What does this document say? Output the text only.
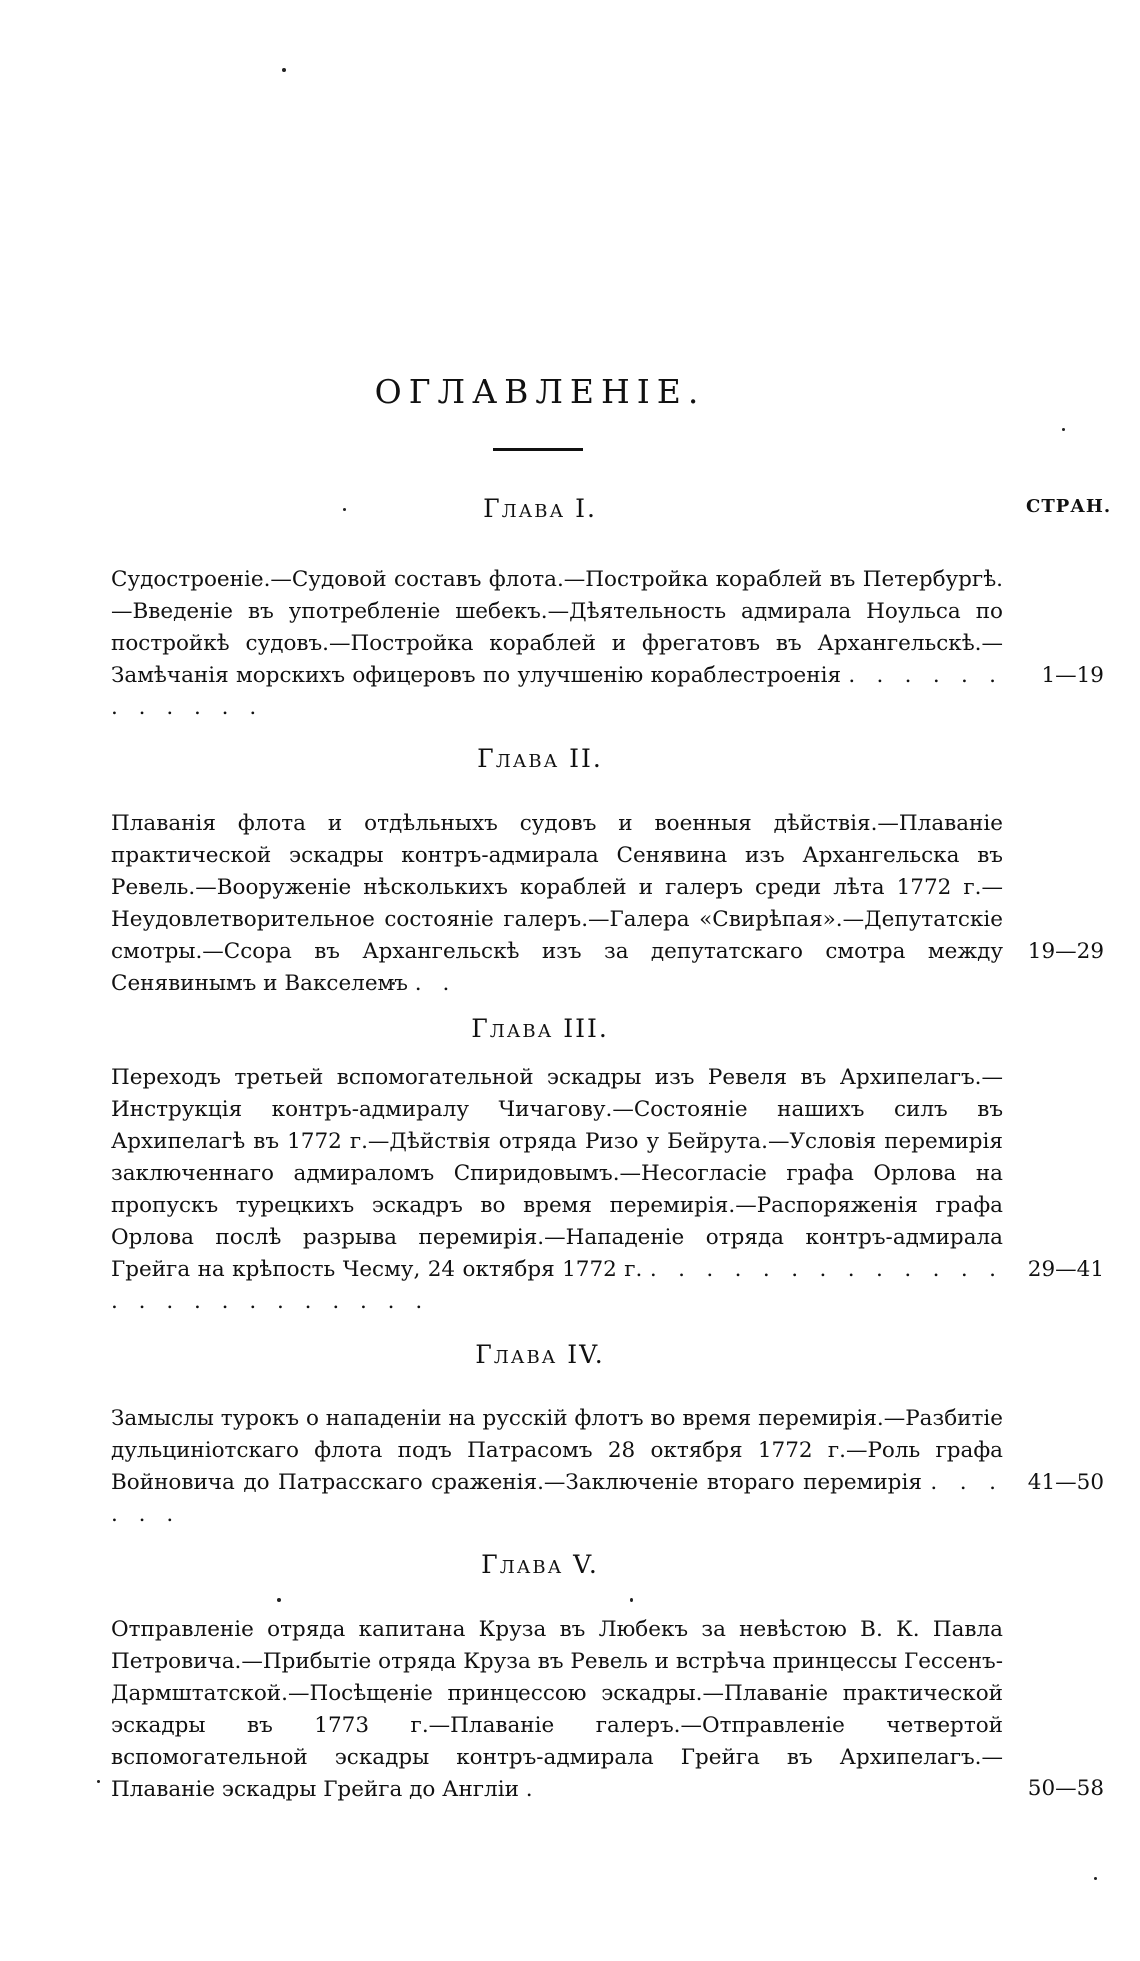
ОГЛАВЛЕНІЕ.
СТРАН.
Глава I.
Судостроеніе.—Судовой составъ флота.—Постройка кораблей въ Петербургѣ.—Введеніе въ употребленіе шебекъ.—Дѣятельность адмирала Ноульса по постройкѣ судовъ.—Постройка кораблей и фрегатовъ въ Архангельскѣ.—Замѣчанія морскихъ офицеровъ по улучшенію кораблестроенія . . . . . . . . . . . .
1—19
Глава II.
Плаванія флота и отдѣльныхъ судовъ и военныя дѣйствія.—Плаваніе практической эскадры контръ-адмирала Сенявина изъ Архангельска въ Ревель.—Вооруженіе нѣсколькихъ кораблей и галеръ среди лѣта 1772 г.—Неудовлетворительное состояніе галеръ.—Галера «Свирѣпая».—Депутатскіе смотры.—Ссора въ Архангельскѣ изъ за депутатскаго смотра между Сенявинымъ и Вакселемъ . .
19—29
Глава III.
Переходъ третьей вспомогательной эскадры изъ Ревеля въ Архипелагъ.—Инструкція контръ-адмиралу Чичагову.—Состояніе нашихъ силъ въ Архипелагѣ въ 1772 г.—Дѣйствія отряда Ризо у Бейрута.—Условія перемирія заключеннаго адмираломъ Спиридовымъ.—Несогласіе графа Орлова на пропускъ турецкихъ эскадръ во время перемирія.—Распоряженія графа Орлова послѣ разрыва перемирія.—Нападеніе отряда контръ-адмирала Грейга на крѣпость Чесму, 24 октября 1772 г. . . . . . . . . . . . . . . . . . . . . . . . . .
29—41
Глава IV.
Замыслы турокъ о нападеніи на русскій флотъ во время перемирія.—Разбитіе дульциніотскаго флота подъ Патрасомъ 28 октября 1772 г.—Роль графа Войновича до Патрасскаго сраженія.—Заключеніе втораго перемирія . . . . . .
41—50
Глава V.
Отправленіе отряда капитана Круза въ Любекъ за невѣстою В. К. Павла Петровича.—Прибытіе отряда Круза въ Ревель и встрѣча принцессы Гессенъ-Дармштатской.—Посѣщеніе принцессою эскадры.—Плаваніе практической эскадры въ 1773 г.—Плаваніе галеръ.—Отправленіе четвертой вспомогательной эскадры контръ-адмирала Грейга въ Архипелагъ.—Плаваніе эскадры Грейга до Англіи .	50—58
